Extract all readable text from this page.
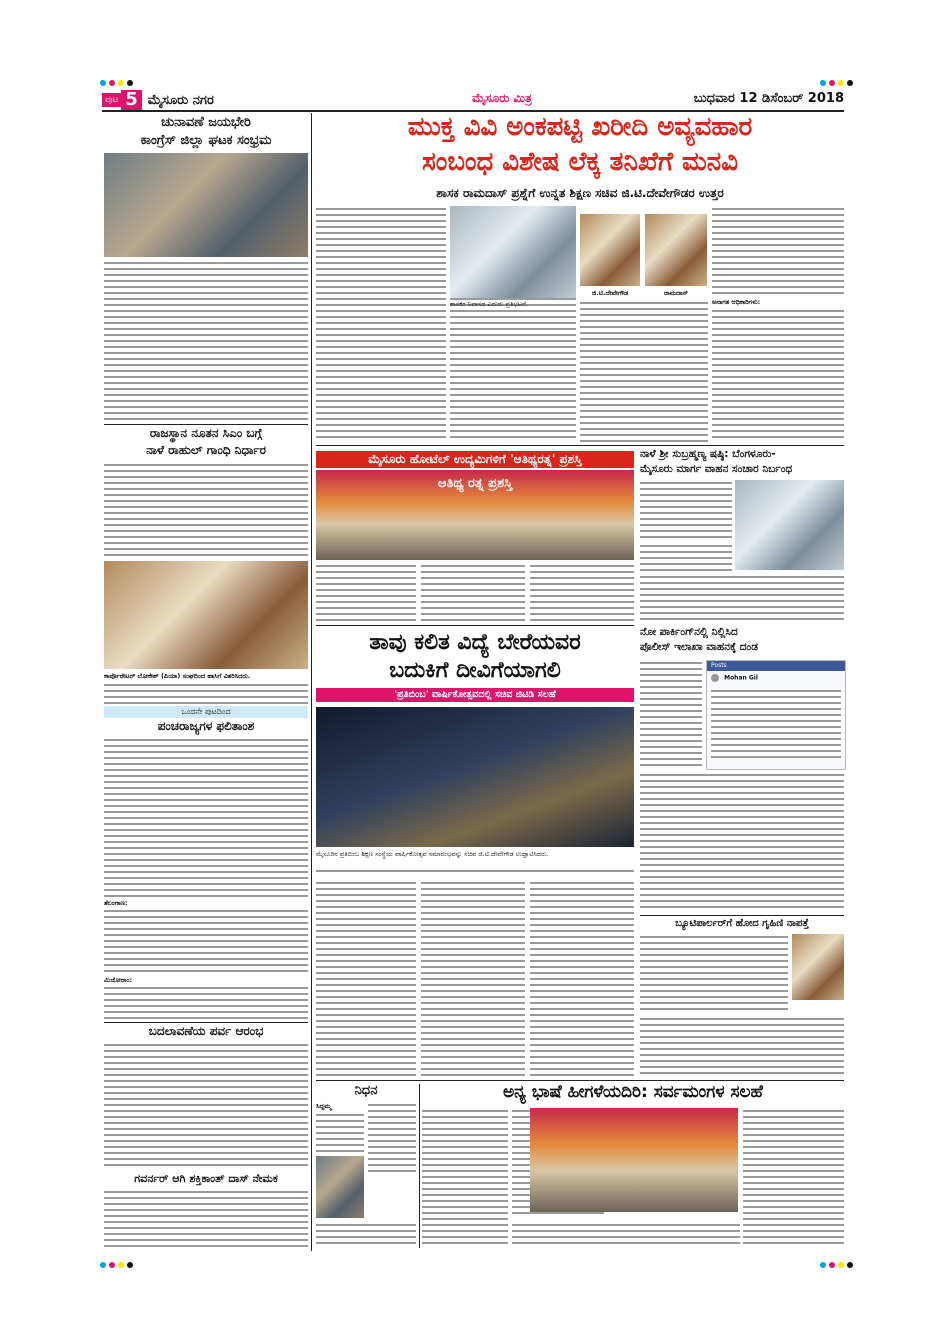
ಪುಟ 5 ಮೈಸೂರು ನಗರ	ಮೈಸೂರು ಮಿತ್ರ	ಬುಧವಾರ 12 ಡಿಸೆಂಬರ್ 2018
ಚುನಾವಣೆ ಜಯಭೇರಿ
ಕಾಂಗ್ರೆಸ್ ಜಿಲ್ಲಾ ಘಟಕ ಸಂಭ್ರಮ
ರಾಜಸ್ಥಾನ ನೂತನ ಸಿಎಂ ಬಗ್ಗೆ
ನಾಳೆ ರಾಹುಲ್ ಗಾಂಧಿ ನಿರ್ಧಾರ
ಕಾರ್ಪೊರೇಟರ್ ಲೋಕೇಶ್ (ಪಿಯಾ) ಸಂಘದಿಂದ ಹಾಸಿಗೆ ವಿತರಿಸಿದರು.
ಒಂದನೇ ಪುಟದಿಂದ
ಪಂಚರಾಜ್ಯಗಳ ಫಲಿತಾಂಶ
ತೆಲಂಗಾಣ:
ಮಿಜೋರಾಂ:
ಬದಲಾವಣೆಯ ಪರ್ವ ಆರಂಭ
ಗವರ್ನರ್ ಆಗಿ ಶಕ್ತಿಕಾಂತ್ ದಾಸ್ ನೇಮಕ
ಮುಕ್ತ ವಿವಿ ಅಂಕಪಟ್ಟಿ ಖರೀದಿ ಅವ್ಯವಹಾರ
ಸಂಬಂಧ ವಿಶೇಷ ಲೆಕ್ಕ ತನಿಖೆಗೆ ಮನವಿ
ಶಾಸಕ ರಾಮದಾಸ್ ಪ್ರಶ್ನೆಗೆ ಉನ್ನತ ಶಿಕ್ಷಣ ಸಚಿವ ಜಿ.ಟಿ.ದೇವೇಗೌಡರ ಉತ್ತರ
ಶಾಸಕರ ನಿವಾಸದ ಎದುರು ಪ್ರತಿಭಟನೆ.
ಜಿ.ಟಿ.ದೇವೇಗೌಡ	ರಾಮದಾಸ್
ಅನಾಗತ ಆಧಿಕಾರಿಗಳು:
ಮೈಸೂರು ಹೋಟೆಲ್ ಉದ್ಯಮಿಗಳಿಗೆ 'ಆತಿಥ್ಯರತ್ನ' ಪ್ರಶಸ್ತಿ
ಆತಿಥ್ಯ ರತ್ನ ಪ್ರಶಸ್ತಿ
ನಾಳೆ ಶ್ರೀ ಸುಬ್ರಹ್ಮಣ್ಯ ಷಷ್ಠಿ: ಬೆಂಗಳೂರು-
ಮೈಸೂರು ಮಾರ್ಗ ವಾಹನ ಸಂಚಾರ ನಿರ್ಬಂಧ
ತಾವು ಕಲಿತ ವಿದ್ಯೆ ಬೇರೆಯವರ
ಬದುಕಿಗೆ ದೀವಿಗೆಯಾಗಲಿ
'ಪ್ರತಿಬಿಂಬ' ವಾರ್ಷಿಕೋತ್ಸವದಲ್ಲಿ ಸಚಿವ ಜಿಟಿಡಿ ಸಲಹೆ
ಮೈಸೂರಿನ ಪ್ರತಿಬಿಂಬ ಶಿಕ್ಷಣ ಸಂಸ್ಥೆಯ ವಾರ್ಷಿಕೋತ್ಸವ ಸಮಾರಂಭವನ್ನು ಸಚಿವ ಜಿ.ಟಿ.ದೇವೇಗೌಡ ಉದ್ಘಾಟಿಸಿದರು.
ನೋ ಪಾರ್ಕಿಂಗ್‌ನಲ್ಲಿ ನಿಲ್ಲಿಸಿದ
ಪೊಲೀಸ್ ಇಲಾಖಾ ವಾಹನಕ್ಕೆ ದಂಡ
Posts
Mohan Gil
ಬ್ಯೂಟಿಪಾರ್ಲರ್‌ಗೆ ಹೋದ ಗೃಹಿಣಿ ನಾಪತ್ತೆ
ನಿಧನ
ಸಿದ್ದಮ್ಮ
ಅನ್ಯ ಭಾಷೆ ಹೀಗಳೆಯದಿರಿ: ಸರ್ವಮಂಗಳ ಸಲಹೆ
